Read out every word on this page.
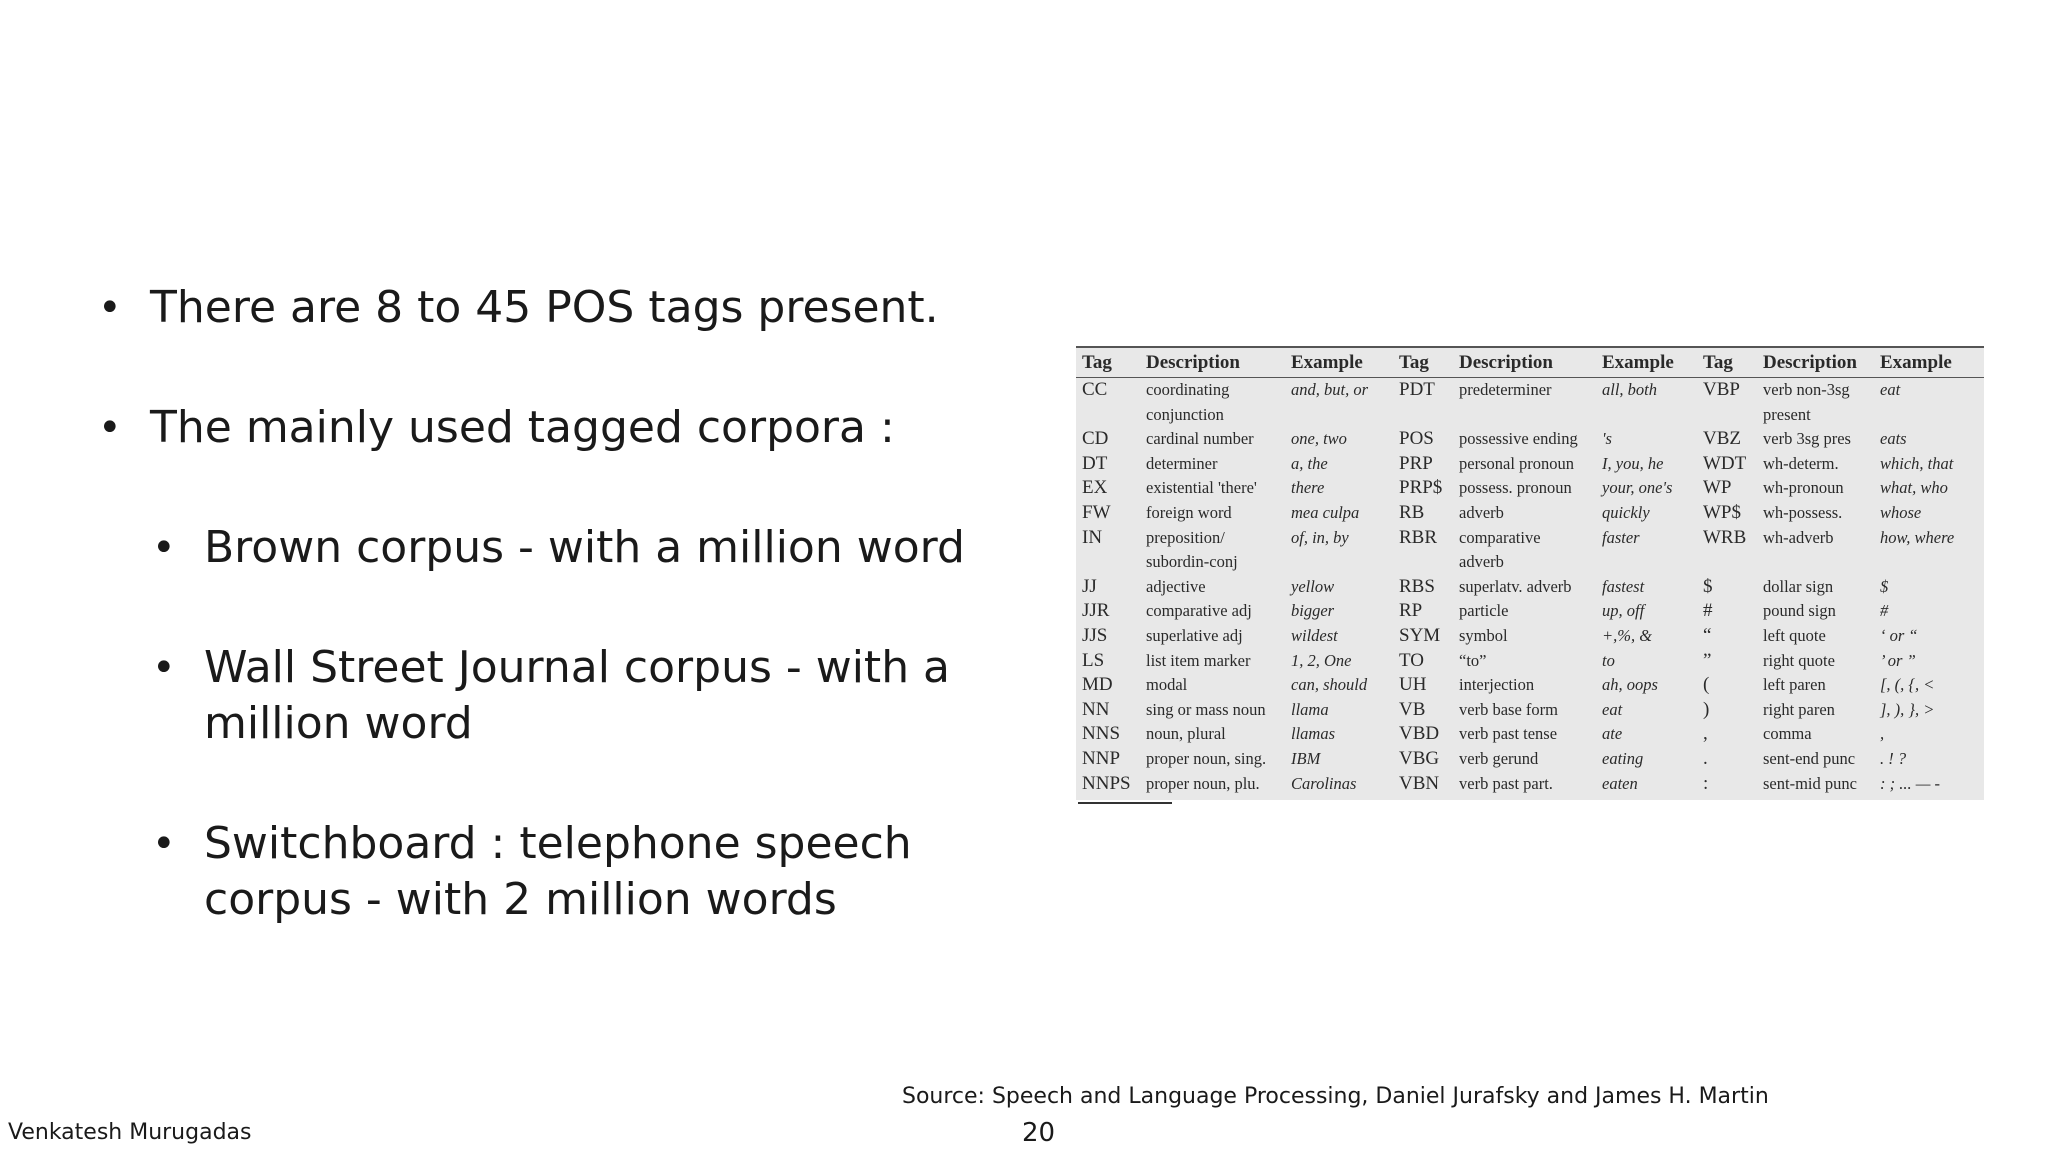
• There are 8 to 45 POS tags present.
• The mainly used tagged corpora :
• Brown corpus - with a million word
• Wall Street Journal corpus - with a
million word
• Switchboard : telephone speech
corpus - with 2 million words
Tag	Description	Example	Tag	Description	Example	Tag	Description	Example
CC	coordinating	and, but, or	PDT	predeterminer	all, both	VBP	verb non-3sg	eat
	conjunction						present	
CD	cardinal number	one, two	POS	possessive ending	's	VBZ	verb 3sg pres	eats
DT	determiner	a, the	PRP	personal pronoun	I, you, he	WDT	wh-determ.	which, that
EX	existential 'there'	there	PRP$	possess. pronoun	your, one's	WP	wh-pronoun	what, who
FW	foreign word	mea culpa	RB	adverb	quickly	WP$	wh-possess.	whose
IN	preposition/	of, in, by	RBR	comparative	faster	WRB	wh-adverb	how, where
	subordin-conj			adverb				
JJ	adjective	yellow	RBS	superlatv. adverb	fastest	$	dollar sign	$
JJR	comparative adj	bigger	RP	particle	up, off	#	pound sign	#
JJS	superlative adj	wildest	SYM	symbol	+,%, &	“	left quote	‘ or “
LS	list item marker	1, 2, One	TO	“to”	to	”	right quote	’ or ”
MD	modal	can, should	UH	interjection	ah, oops	(	left paren	[, (, {, <
NN	sing or mass noun	llama	VB	verb base form	eat	)	right paren	], ), }, >
NNS	noun, plural	llamas	VBD	verb past tense	ate	,	comma	,
NNP	proper noun, sing.	IBM	VBG	verb gerund	eating	.	sent-end punc	. ! ?
NNPS	proper noun, plu.	Carolinas	VBN	verb past part.	eaten	:	sent-mid punc	: ; ... — -
Source: Speech and Language Processing, Daniel Jurafsky and James H. Martin
Venkatesh Murugadas	20
